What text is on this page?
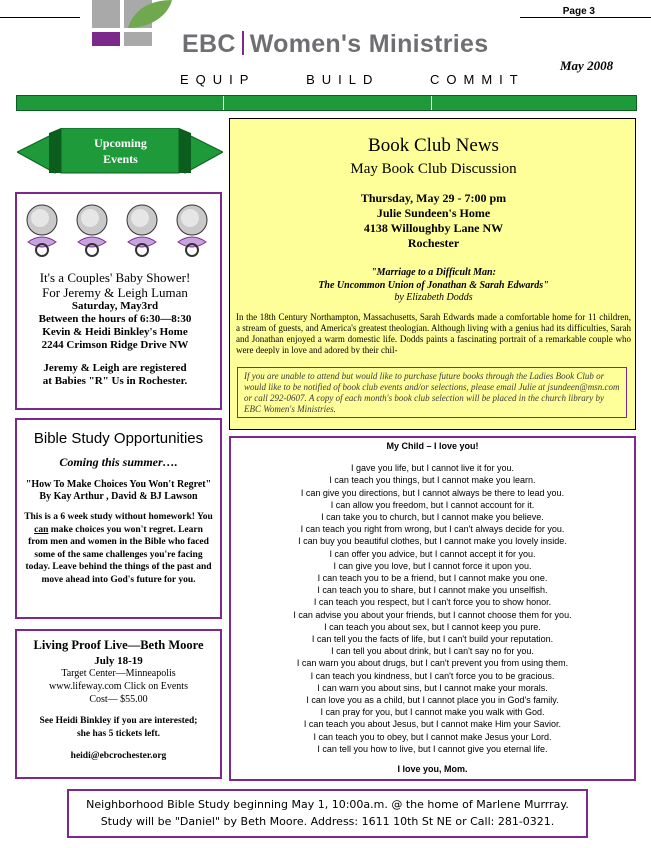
Page 3
EBC Women's Ministries
EQUIP	BUILD	COMMIT
May 2008
Upcoming
Events
It's a Couples' Baby Shower!
For Jeremy & Leigh Luman
Saturday, May3rd
Between the hours of 6:30—8:30
Kevin & Heidi Binkley's Home
2244 Crimson Ridge Drive NW
Jeremy & Leigh are registered
at Babies "R" Us in Rochester.
Bible Study Opportunities
Coming this summer….
"How To Make Choices You Won't Regret"
By Kay Arthur , David & BJ Lawson
This is a 6 week study without homework! You can make choices you won't regret. Learn from men and women in the Bible who faced some of the same challenges you're facing today. Leave behind the things of the past and move ahead into God's future for you.
Living Proof Live—Beth Moore
July 18-19
Target Center—Minneapolis
www.lifeway.com Click on Events
Cost— $55.00
See Heidi Binkley if you are interested;
she has 5 tickets left.
heidi@ebcrochester.org
Book Club News
May Book Club Discussion
Thursday, May 29 - 7:00 pm
Julie Sundeen's Home
4138 Willoughby Lane NW
Rochester
"Marriage to a Difficult Man:
The Uncommon Union of Jonathan & Sarah Edwards"
by Elizabeth Dodds
In the 18th Century Northampton, Massachusetts, Sarah Edwards made a comfortable home for 11 children, a stream of guests, and America's greatest theologian. Although living with a genius had its difficulties, Sarah and Jonathan enjoyed a warm domestic life. Dodds paints a fascinating portrait of a remarkable couple who were deeply in love and adored by their chil-
If you are unable to attend but would like to purchase future books through the Ladies Book Club or would like to be notified of book club events and/or selections, please email Julie at jsundeen@msn.com or call 292-0607. A copy of each month's book club selection will be placed in the church library by EBC Women's Ministries.
My Child – I love you!
I gave you life, but I cannot live it for you.
I can teach you things, but I cannot make you learn.
I can give you directions, but I cannot always be there to lead you.
I can allow you freedom, but I cannot account for it.
I can take you to church, but I cannot make you believe.
I can teach you right from wrong, but I can't always decide for you.
I can buy you beautiful clothes, but I cannot make you lovely inside.
I can offer you advice, but I cannot accept it for you.
I can give you love, but I cannot force it upon you.
I can teach you to be a friend, but I cannot make you one.
I can teach you to share, but I cannot make you unselfish.
I can teach you respect, but I can't force you to show honor.
I can advise you about your friends, but I cannot choose them for you.
I can teach you about sex, but I cannot keep you pure.
I can tell you the facts of life, but I can't build your reputation.
I can tell you about drink, but I can't say no for you.
I can warn you about drugs, but I can't prevent you from using them.
I can teach you kindness, but I can't force you to be gracious.
I can warn you about sins, but I cannot make your morals.
I can love you as a child, but I cannot place you in God's family.
I can pray for you, but I cannot make you walk with God.
I can teach you about Jesus, but I cannot make Him your Savior.
I can teach you to obey, but I cannot make Jesus your Lord.
I can tell you how to live, but I cannot give you eternal life.
I love you, Mom.
Neighborhood Bible Study beginning May 1, 10:00a.m. @ the home of Marlene Murrray.
Study will be "Daniel" by Beth Moore. Address: 1611 10th St NE or Call: 281-0321.
